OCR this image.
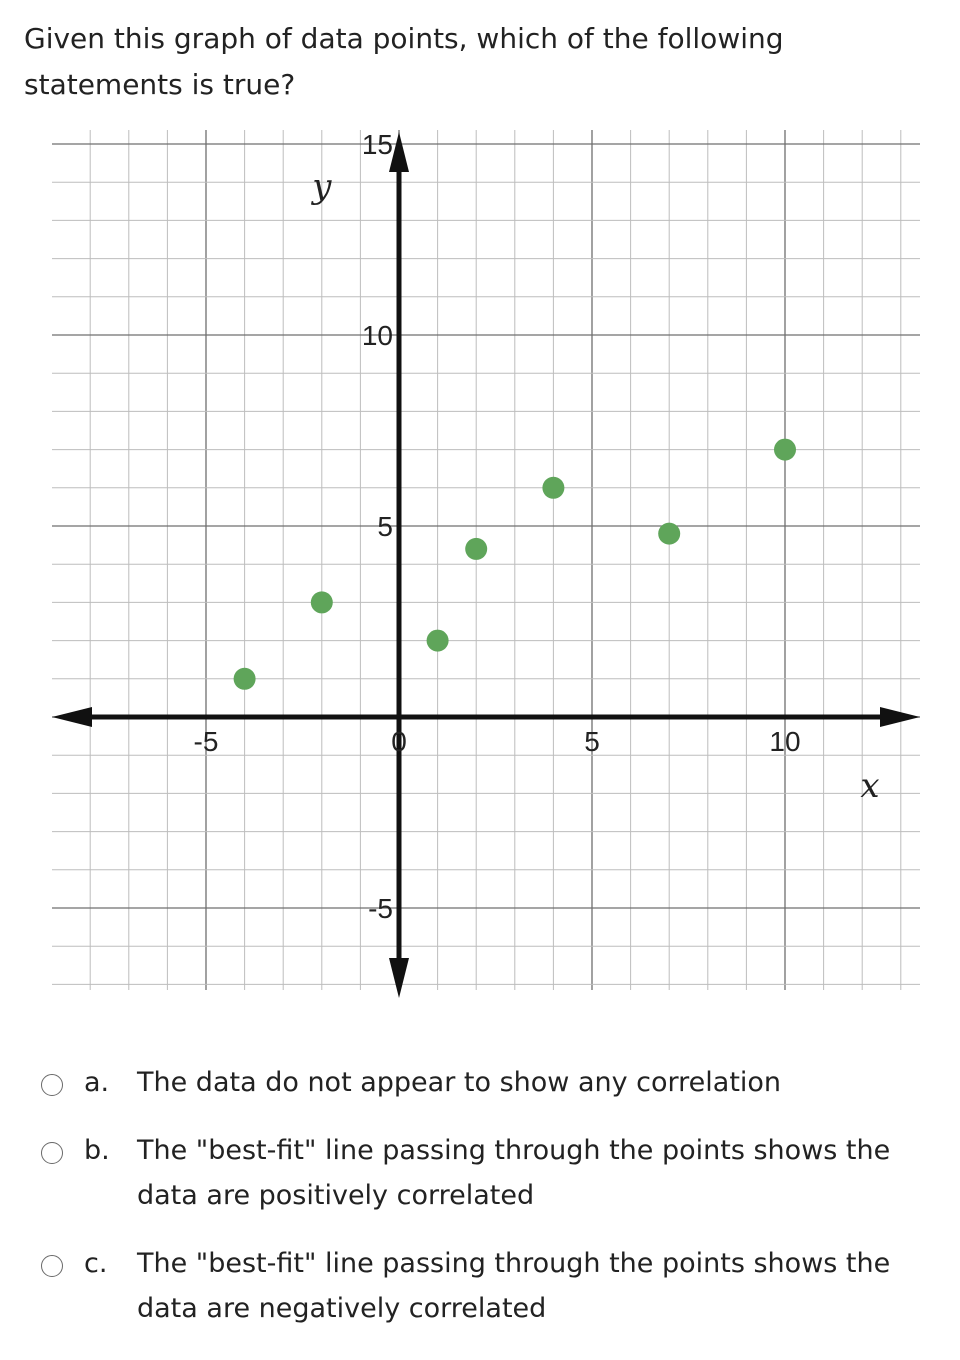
Given this graph of data points, which of the following statements is true?

-5	0	5	10
15
10
5
-5
x
y
a. The data do not appear to show any correlation
b. The "best-fit" line passing through the points shows the data are positively correlated
c. The "best-fit" line passing through the points shows the data are negatively correlated
